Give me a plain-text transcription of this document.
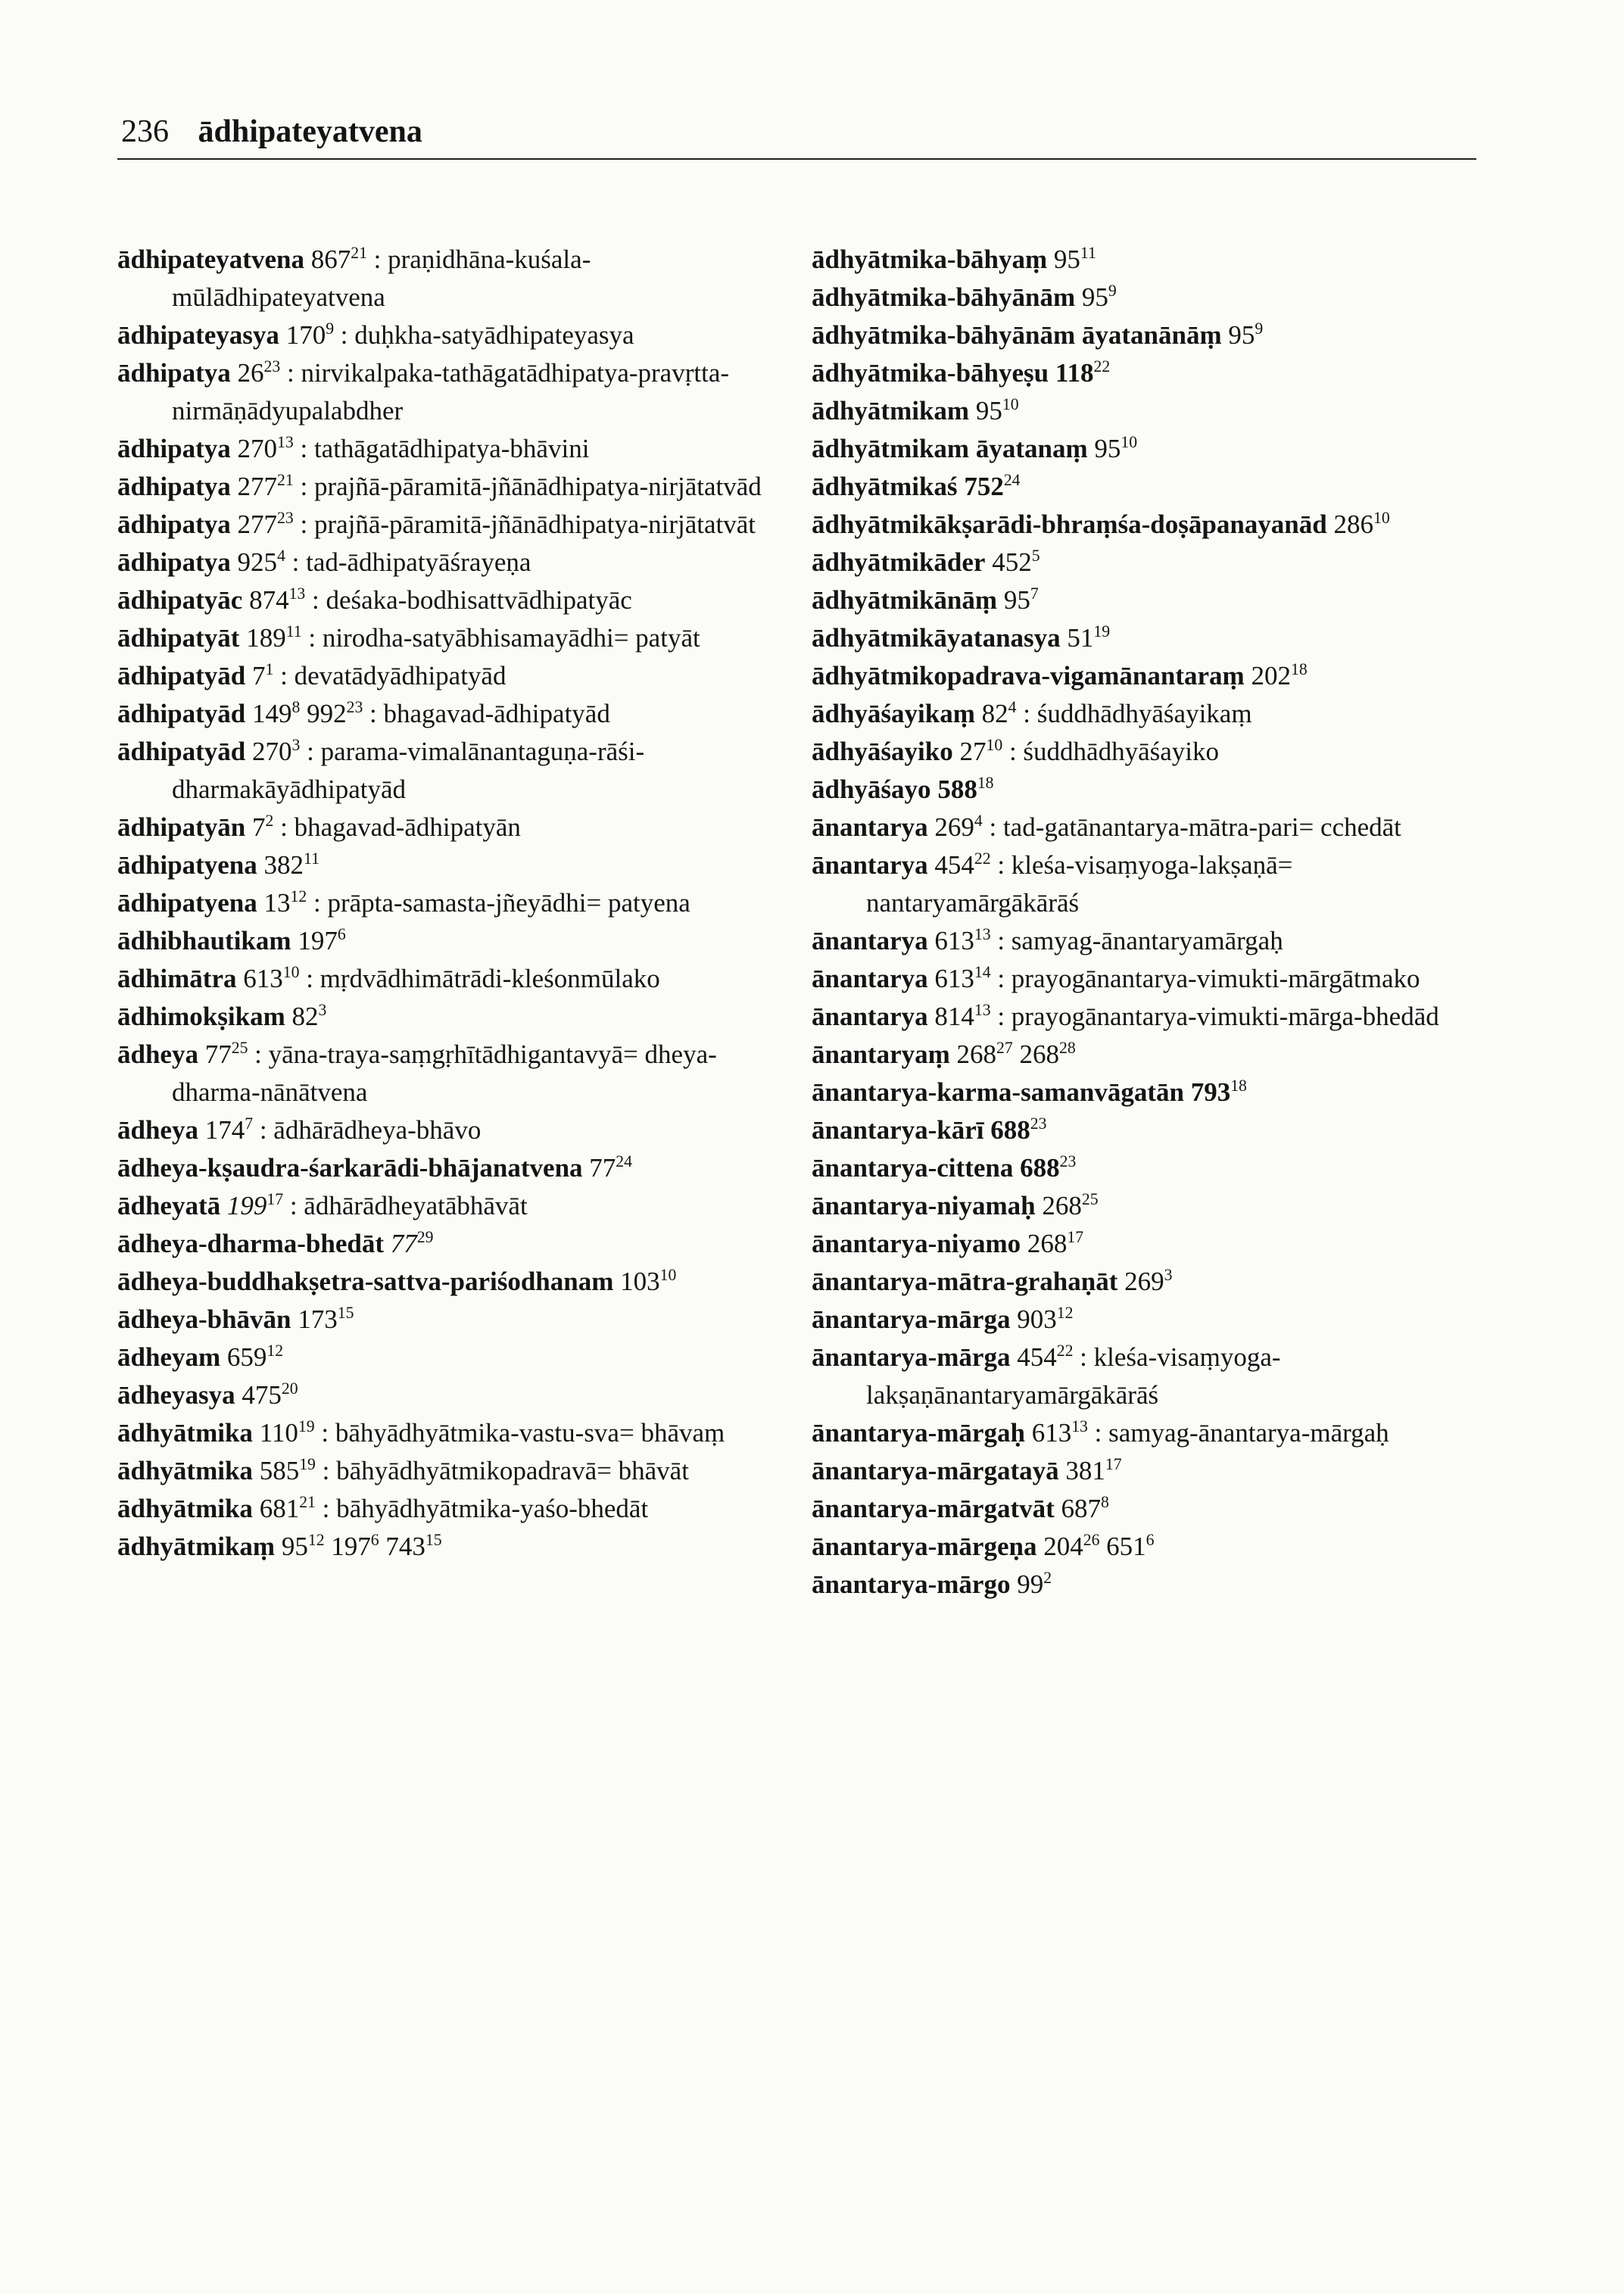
236 ādhipateyatvena
ādhipateyatvena $867^{21}$ : praṇidhāna-kuśala-mūlādhipateyatvena
ādhipateyasya $170^9$ : duḥkha-satyādhipateyasya
ādhipatya $26^{23}$ : nirvikalpaka-tathāgatādhipatya-pravṛtta-nirmāṇādyupalabdher
ādhipatya $270^{13}$ : tathāgatādhipatya-bhāvini
ādhipatya $277^{21}$ : prajñā-pāramitā-jñānādhipatya-nirjātatvād
ādhipatya $277^{23}$ : prajñā-pāramitā-jñānādhipatya-nirjātatvāt
ādhipatya $925^4$ : tad-ādhipatyāśrayeṇa
ādhipatyāc $874^{13}$ : deśaka-bodhisattvādhipatyāc
ādhipatyāt $189^{11}$ : nirodha-satyābhisamayādhi= patyāt
ādhipatyād $7^1$ : devatādyādhipatyād
ādhipatyād $149^8$ $992^{23}$ : bhagavad-ādhipatyād
ādhipatyād $270^3$ : parama-vimalānantaguṇa-rāśi-dharmakāyādhipatyād
ādhipatyān $7^2$ : bhagavad-ādhipatyān
ādhipatyena $382^{11}$
ādhipatyena $13^{12}$ : prāpta-samasta-jñeyādhi= patyena
ādhibhautikam $197^6$
ādhimātra $613^{10}$ : mṛdvādhimātrādi-kleśonmūlako
ādhimokṣikam $82^3$
ādheya $77^{25}$ : yāna-traya-saṃgṛhītādhigantavyā= dheya-dharma-nānātvena
ādheya $174^7$ : ādhārādheya-bhāvo
ādheya-kṣaudra-śarkarādi-bhājanatvena $77^{24}$
ādheyatā $199^{17}$ : ādhārādheyatābhāvāt
ādheya-dharma-bhedāt $77^{29}$
ādheya-buddhakṣetra-sattva-pariśodhanam $103^{10}$
ādheya-bhāvān $173^{15}$
ādheyam $659^{12}$
ādheyasya $475^{20}$
ādhyātmika $110^{19}$ : bāhyādhyātmika-vastu-sva= bhāvaṃ
ādhyātmika $585^{19}$ : bāhyādhyātmikopadravā= bhāvāt
ādhyātmika $681^{21}$ : bāhyādhyātmika-yaśo-bhedāt
ādhyātmikaṃ $95^{12}$ $197^6$ $743^{15}$
ādhyātmika-bāhyaṃ $95^{11}$
ādhyātmika-bāhyānām $95^9$
ādhyātmika-bāhyānām āyatanānāṃ $95^9$
ādhyātmika-bāhyeṣu $118^{22}$
ādhyātmikam $95^{10}$
ādhyātmikam āyatanaṃ $95^{10}$
ādhyātmikaś $752^{24}$
ādhyātmikākṣarādi-bhraṃśa-doṣāpanayanād $286^{10}$
ādhyātmikāder $452^5$
ādhyātmikānāṃ $95^7$
ādhyātmikāyatanasya $51^{19}$
ādhyātmikopadrava-vigamānantaraṃ $202^{18}$
ādhyāśayikaṃ $82^4$ : śuddhādhyāśayikaṃ
ādhyāśayiko $27^{10}$ : śuddhādhyāśayiko
ādhyāśayo $588^{18}$
ānantarya $269^4$ : tad-gatānantarya-mātra-pari= cchedāt
ānantarya $454^{22}$ : kleśa-visaṃyoga-lakṣaṇā= nantaryamārgākārāś
ānantarya $613^{13}$ : samyag-ānantaryamārgaḥ
ānantarya $613^{14}$ : prayogānantarya-vimukti-mārgātmako
ānantarya $814^{13}$ : prayogānantarya-vimukti-mārga-bhedād
ānantaryaṃ $268^{27}$ $268^{28}$
ānantarya-karma-samanvāgatān $793^{18}$
ānantarya-kārī $688^{23}$
ānantarya-cittena $688^{23}$
ānantarya-niyamaḥ $268^{25}$
ānantarya-niyamo $268^{17}$
ānantarya-mātra-grahaṇāt $269^3$
ānantarya-mārga $903^{12}$
ānantarya-mārga $454^{22}$ : kleśa-visaṃyoga-lakṣaṇānantaryamārgākārāś
ānantarya-mārgaḥ $613^{13}$ : samyag-ānantarya-mārgaḥ
ānantarya-mārgatayā $381^{17}$
ānantarya-mārgatvāt $687^8$
ānantarya-mārgeṇa $204^{26}$ $651^6$
ānantarya-mārgo $99^2$
